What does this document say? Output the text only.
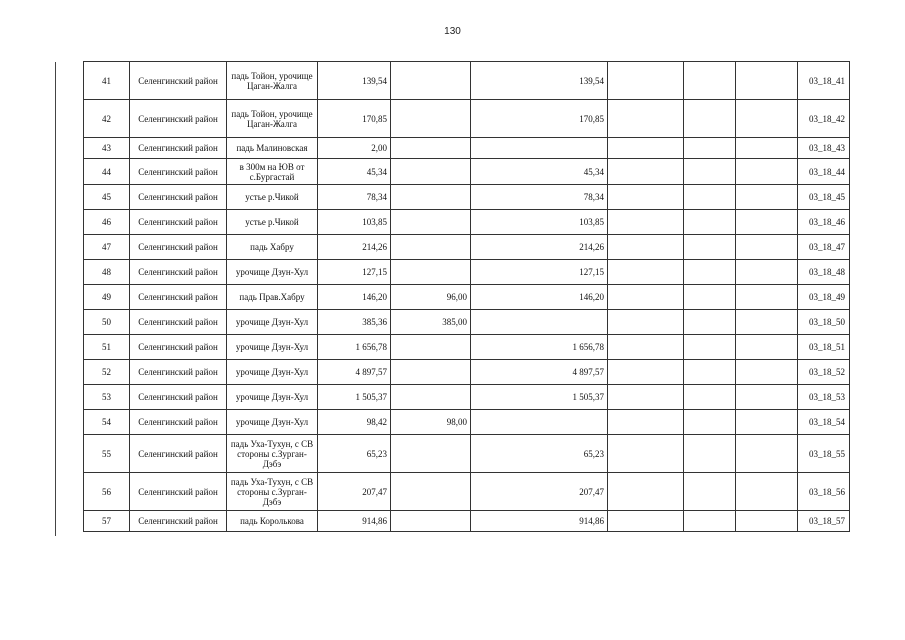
130
41	Селенгинский район	падь Тойон, урочище Цаган-Жалга	139,54		139,54				03_18_41
42	Селенгинский район	падь Тойон, урочище Цаган-Жалга	170,85		170,85				03_18_42
43	Селенгинский район	падь Малиновская	2,00						03_18_43
44	Селенгинский район	в 300м на ЮВ от с.Бургастай	45,34		45,34				03_18_44
45	Селенгинский район	устье р.Чикой	78,34		78,34				03_18_45
46	Селенгинский район	устье р.Чикой	103,85		103,85				03_18_46
47	Селенгинский район	падь Хабру	214,26		214,26				03_18_47
48	Селенгинский район	урочище Дзун-Хул	127,15		127,15				03_18_48
49	Селенгинский район	падь Прав.Хабру	146,20	96,00	146,20				03_18_49
50	Селенгинский район	урочище Дзун-Хул	385,36	385,00					03_18_50
51	Селенгинский район	урочище Дзун-Хул	1 656,78		1 656,78				03_18_51
52	Селенгинский район	урочище Дзун-Хул	4 897,57		4 897,57				03_18_52
53	Селенгинский район	урочище Дзун-Хул	1 505,37		1 505,37				03_18_53
54	Селенгинский район	урочище Дзун-Хул	98,42	98,00					03_18_54
55	Селенгинский район	падь Уха-Тухун, с СВ стороны с.Зурган-Дэбэ	65,23		65,23				03_18_55
56	Селенгинский район	падь Уха-Тухун, с СВ стороны с.Зурган-Дэбэ	207,47		207,47				03_18_56
57	Селенгинский район	падь Королькова	914,86		914,86				03_18_57
